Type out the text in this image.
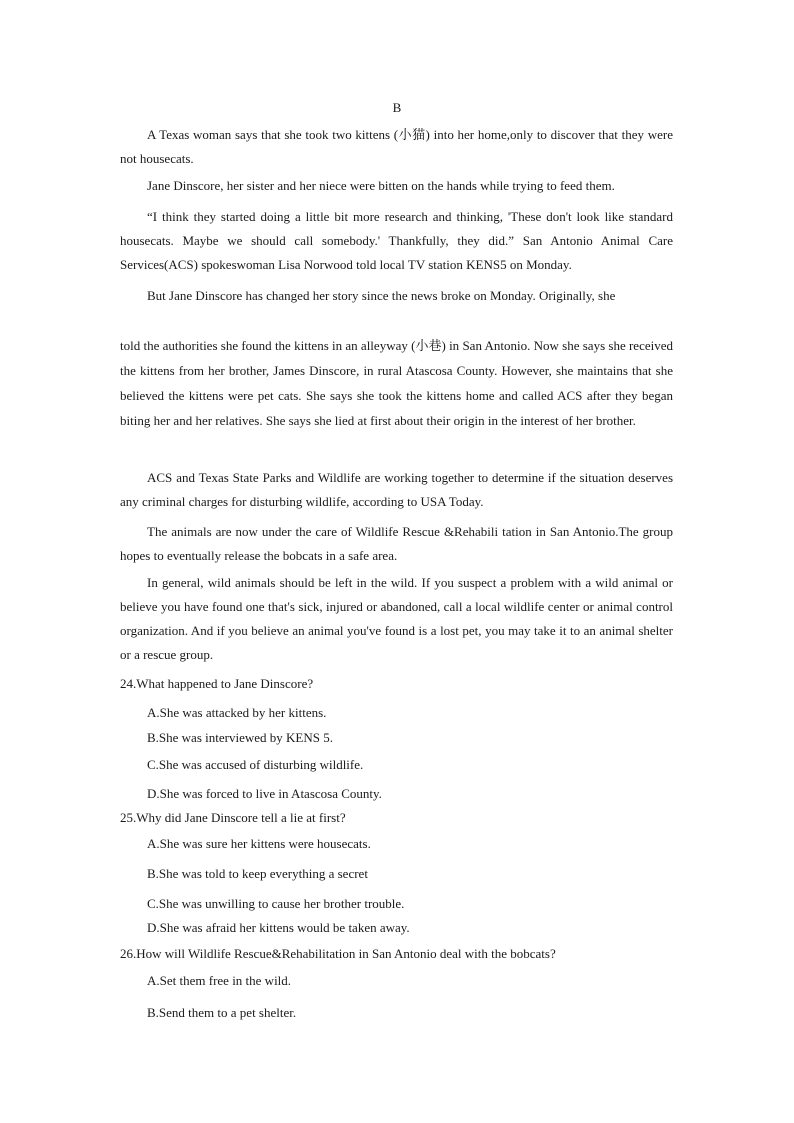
B
A Texas woman says that she took two kittens (小猫) into her home,only to discover that they were not housecats.
Jane Dinscore, her sister and her niece were bitten on the hands while trying to feed them.
“I think they started doing a little bit more research and thinking, 'These don't look like standard housecats. Maybe we should call somebody.' Thankfully, they did.” San Antonio Animal Care Services(ACS) spokeswoman Lisa Norwood told local TV station KENS5 on Monday.
But Jane Dinscore has changed her story since the news broke on Monday. Originally, she
told the authorities she found the kittens in an alleyway (小巷) in San Antonio. Now she says she received the kittens from her brother, James Dinscore, in rural Atascosa County. However, she maintains that she believed the kittens were pet cats. She says she took the kittens home and called ACS after they began biting her and her relatives. She says she lied at first about their origin in the interest of her brother.
ACS and Texas State Parks and Wildlife are working together to determine if the situation deserves any criminal charges for disturbing wildlife, according to USA Today.
The animals are now under the care of Wildlife Rescue &Rehabili tation in San Antonio.The group hopes to eventually release the bobcats in a safe area.
In general, wild animals should be left in the wild. If you suspect a problem with a wild animal or believe you have found one that's sick, injured or abandoned, call a local wildlife center or animal control organization. And if you believe an animal you've found is a lost pet, you may take it to an animal shelter or a rescue group.
24.What happened to Jane Dinscore?
A.She was attacked by her kittens.
B.She was interviewed by KENS 5.
C.She was accused of disturbing wildlife.
D.She was forced to live in Atascosa County.
25.Why did Jane Dinscore tell a lie at first?
A.She was sure her kittens were housecats.
B.She was told to keep everything a secret
C.She was unwilling to cause her brother trouble.
D.She was afraid her kittens would be taken away.
26.How will Wildlife Rescue&Rehabilitation in San Antonio deal with the bobcats?
A.Set them free in the wild.
B.Send them to a pet shelter.
